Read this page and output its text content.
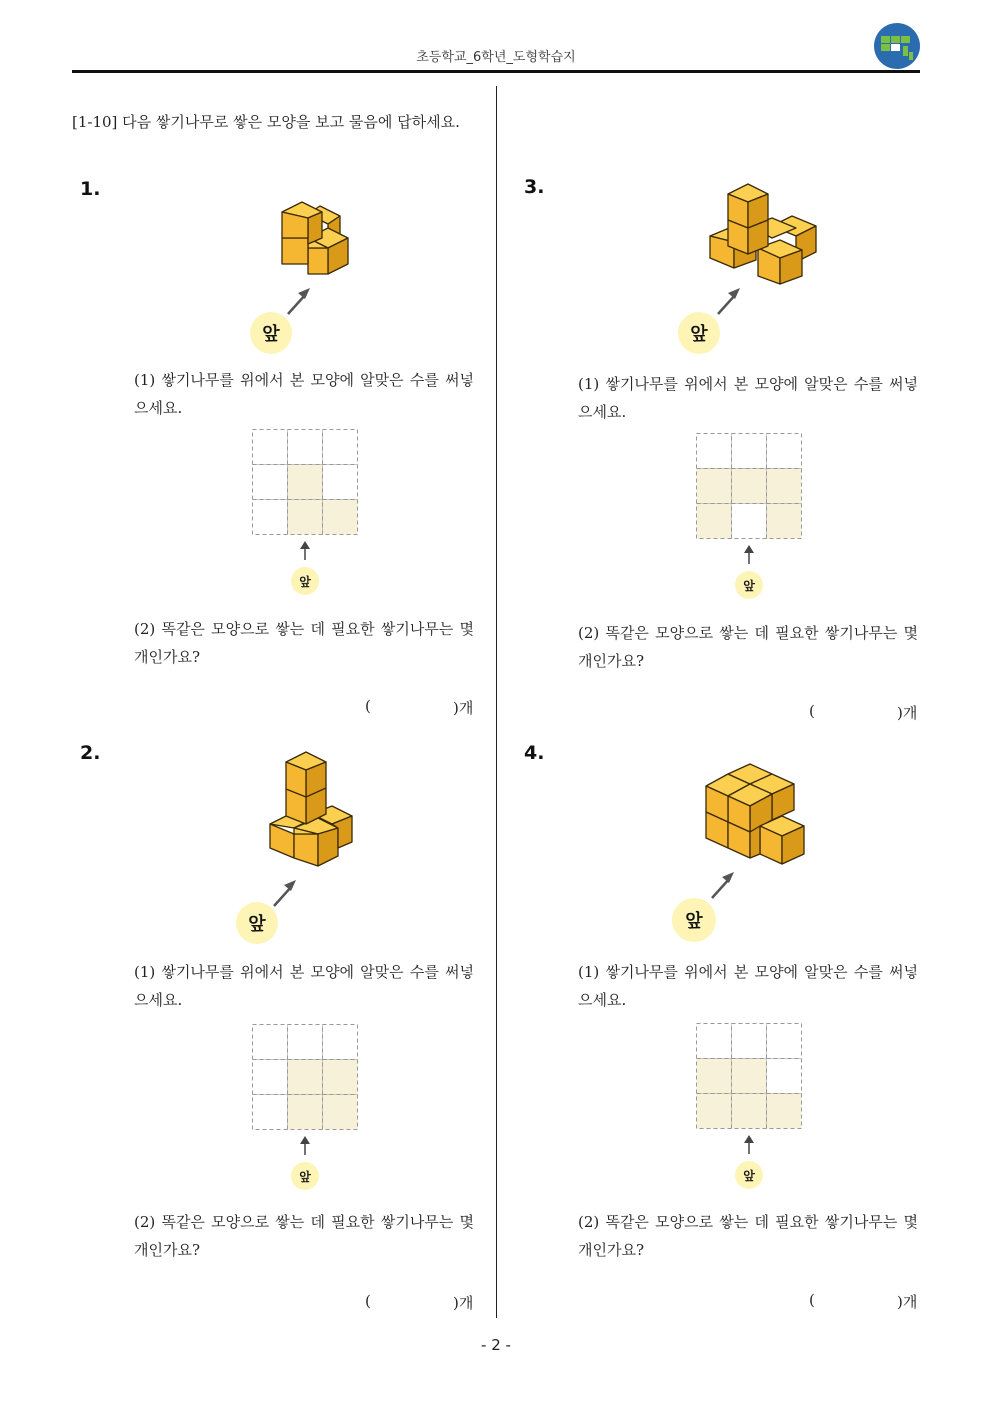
초등학교_6학년_도형학습지
[1-10] 다음 쌓기나무로 쌓은 모양을 보고 물음에 답하세요.
1.
앞
(1) 쌓기나무를 위에서 본 모양에 알맞은 수를 써넣으세요.
앞
(2) 똑같은 모양으로 쌓는 데 필요한 쌓기나무는 몇 개인가요?
(	)개
2.
앞
(1) 쌓기나무를 위에서 본 모양에 알맞은 수를 써넣으세요.
앞
(2) 똑같은 모양으로 쌓는 데 필요한 쌓기나무는 몇 개인가요?
(	)개
3.
앞
(1) 쌓기나무를 위에서 본 모양에 알맞은 수를 써넣으세요.
앞
(2) 똑같은 모양으로 쌓는 데 필요한 쌓기나무는 몇 개인가요?
(	)개
4.
앞
(1) 쌓기나무를 위에서 본 모양에 알맞은 수를 써넣으세요.
앞
(2) 똑같은 모양으로 쌓는 데 필요한 쌓기나무는 몇 개인가요?
(	)개
- 2 -
